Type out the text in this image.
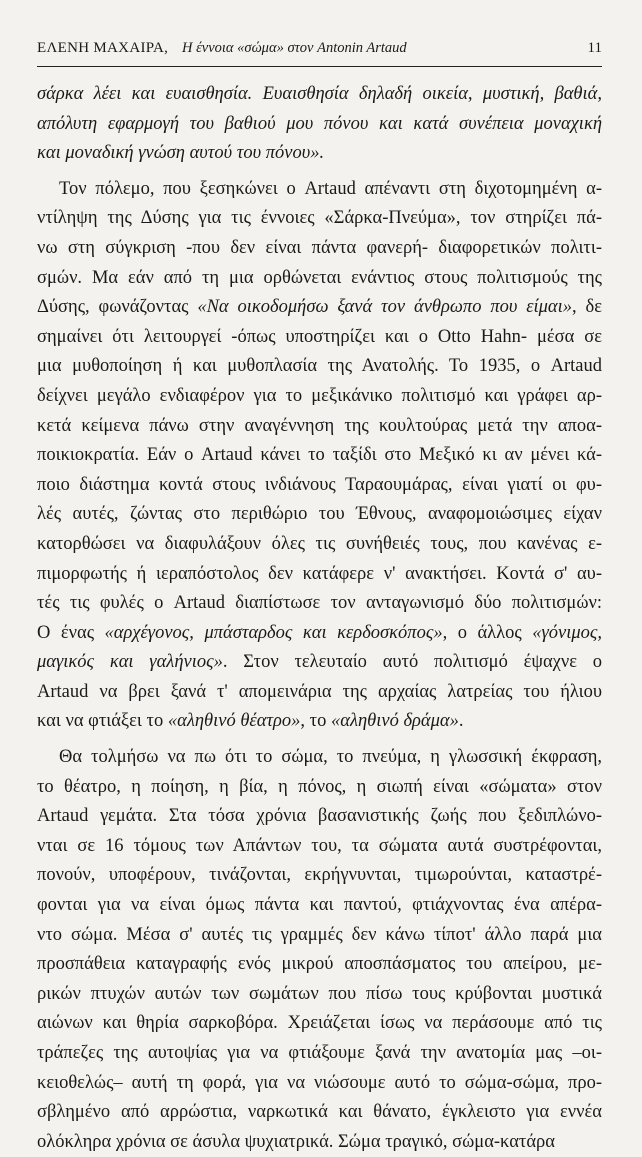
ΕΛΕΝΗ ΜΑΧΑΙΡΑ,
Η έννοια «σώμα» στον Antonin Artaud	11
σάρκα λέει και ευαισθησία. Ευαισθησία δηλαδή οικεία, μυστική, βαθιά,
απόλυτη εφαρμογή του βαθιού μου πόνου και κατά συνέπεια μοναχική
και μοναδική γνώση αυτού του πόνου».
Τον πόλεμο, που ξεσηκώνει ο Artaud απέναντι στη διχοτομημένη α-
ντίληψη της Δύσης για τις έννοιες «Σάρκα-Πνεύμα», τον στηρίζει πά-
νω στη σύγκριση -που δεν είναι πάντα φανερή- διαφορετικών πολιτι-
σμών. Μα εάν από τη μια ορθώνεται ενάντιος στους πολιτισμούς της
Δύσης, φωνάζοντας «Να οικοδομήσω ξανά τον άνθρωπο που είμαι», δε
σημαίνει ότι λειτουργεί -όπως υποστηρίζει και ο Otto Hahn- μέσα σε
μια μυθοποίηση ή και μυθοπλασία της Ανατολής. Το 1935, ο Artaud
δείχνει μεγάλο ενδιαφέρον για το μεξικάνικο πολιτισμό και γράφει αρ-
κετά κείμενα πάνω στην αναγέννηση της κουλτούρας μετά την αποα-
ποικιοκρατία. Εάν ο Artaud κάνει το ταξίδι στο Μεξικό κι αν μένει κά-
ποιο διάστημα κοντά στους ινδιάνους Ταραουμάρας, είναι γιατί οι φυ-
λές αυτές, ζώντας στο περιθώριο του Έθνους, αναφομοιώσιμες είχαν
κατορθώσει να διαφυλάξουν όλες τις συνήθειές τους, που κανένας ε-
πιμορφωτής ή ιεραπόστολος δεν κατάφερε ν' ανακτήσει. Κοντά σ' αυ-
τές τις φυλές ο Artaud διαπίστωσε τον ανταγωνισμό δύο πολιτισμών:
Ο ένας «αρχέγονος, μπάσταρδος και κερδοσκόπος», ο άλλος «γόνιμος,
μαγικός και γαλήνιος». Στον τελευταίο αυτό πολιτισμό έψαχνε ο
Artaud να βρει ξανά τ' απομεινάρια της αρχαίας λατρείας του ήλιου
και να φτιάξει το «αληθινό θέατρο», το «αληθινό δράμα».
Θα τολμήσω να πω ότι το σώμα, το πνεύμα, η γλωσσική έκφραση,
το θέατρο, η ποίηση, η βία, η πόνος, η σιωπή είναι «σώματα» στον
Artaud γεμάτα. Στα τόσα χρόνια βασανιστικής ζωής που ξεδιπλώνο-
νται σε 16 τόμους των Απάντων του, τα σώματα αυτά συστρέφονται,
πονούν, υποφέρουν, τινάζονται, εκρήγνυνται, τιμωρούνται, καταστρέ-
φονται για να είναι όμως πάντα και παντού, φτιάχνοντας ένα απέρα-
ντο σώμα. Μέσα σ' αυτές τις γραμμές δεν κάνω τίποτ' άλλο παρά μια
προσπάθεια καταγραφής ενός μικρού αποσπάσματος του απείρου, με-
ρικών πτυχών αυτών των σωμάτων που πίσω τους κρύβονται μυστικά
αιώνων και θηρία σαρκοβόρα. Χρειάζεται ίσως να περάσουμε από τις
τράπεζες της αυτοψίας για να φτιάξουμε ξανά την ανατομία μας –οι-
κειοθελώς– αυτή τη φορά, για να νιώσουμε αυτό το σώμα-σώμα, προ-
σβλημένο από αρρώστια, ναρκωτικά και θάνατο, έγκλειστο για εννέα
ολόκληρα χρόνια σε άσυλα ψυχιατρικά. Σώμα τραγικό, σώμα-κατάρα
